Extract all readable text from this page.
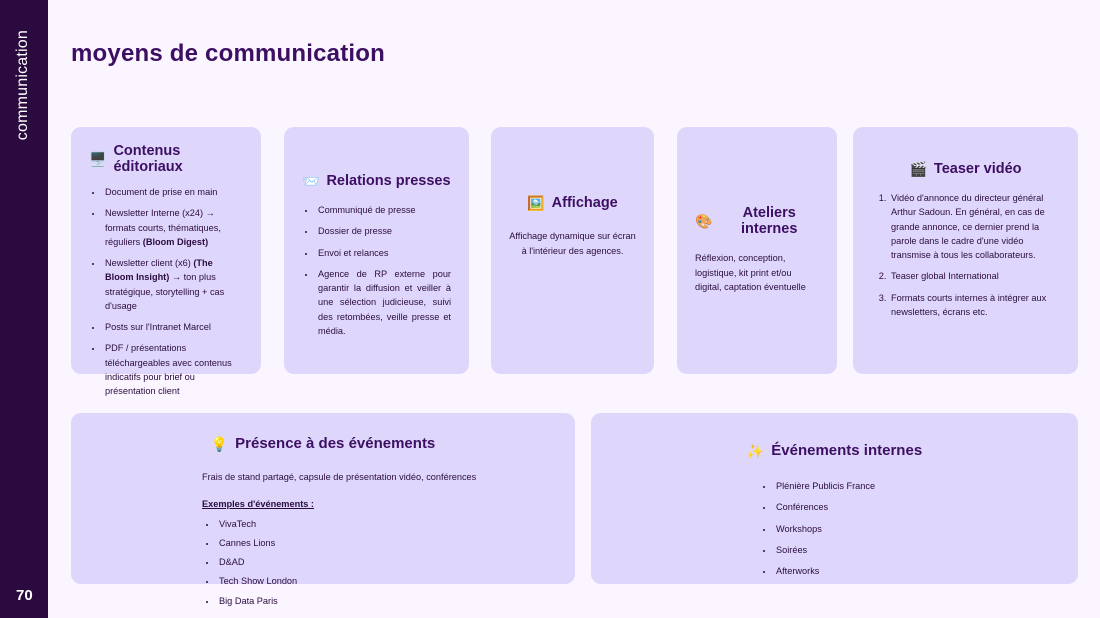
communication
70
moyens de communication
🖥️ Contenus éditoriaux
• Document de prise en main
• Newsletter Interne (x24) → formats courts, thématiques, réguliers (Bloom Digest)
• Newsletter client (x6) (The Bloom Insight) → ton plus stratégique, storytelling + cas d'usage
• Posts sur l'Intranet Marcel
• PDF / présentations téléchargeables avec contenus indicatifs pour brief ou présentation client
📨 Relations presses
• Communiqué de presse
• Dossier de presse
• Envoi et relances
• Agence de RP externe pour garantir la diffusion et veiller à une sélection judicieuse, suivi des retombées, veille presse et média.
🖼️ Affichage
Affichage dynamique sur écran à l'intérieur des agences.
🎨	Ateliers internes
Réflexion, conception, logistique, kit print et/ou digital, captation éventuelle
🎬 Teaser vidéo
1. Vidéo d'annonce du directeur général Arthur Sadoun. En général, en cas de grande annonce, ce dernier prend la parole dans le cadre d'une vidéo transmise à tous les collaborateurs.
2. Teaser global International
3. Formats courts internes à intégrer aux newsletters, écrans etc.
💡 Présence à des événements
Frais de stand partagé, capsule de présentation vidéo, conférences
Exemples d'événements :
• VivaTech
• Cannes Lions
• D&AD
• Tech Show London
• Big Data Paris
✨ Événements internes
• Plénière Publicis France
• Conférences
• Workshops
• Soirées
• Afterworks
